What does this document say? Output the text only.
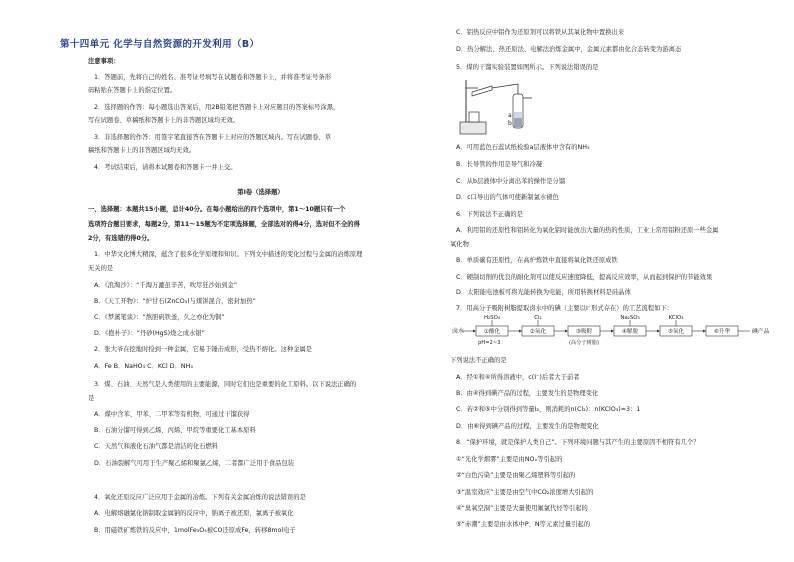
第十四单元 化学与自然资源的开发利用（B）
注意事项：
1．答题前，先将自己的姓名、准考证号填写在试题卷和答题卡上，并将准考证号条形
码粘贴在答题卡上的指定位置。
2．选择题的作答：每小题选出答案后，用2B铅笔把答题卡上对应题目的答案标号涂黑，
写在试题卷、草稿纸和答题卡上的非答题区域均无效。
3．非选择题的作答：用签字笔直接答在答题卡上对应的答题区域内。写在试题卷、草
稿纸和答题卡上的非答题区域均无效。
4．考试结束后，请将本试题卷和答题卡一并上交。
第Ⅰ卷（选择题）
一、选择题：本题共15小题，总计40分。在每小题给出的四个选项中，第1～10题只有一个
选项符合题目要求，每题2分，第11～15题为不定项选择题，全部选对的得4分，选对但不全的得
2分，有选错的得0分。
1．中华文化博大精深，蕴含了很多化学原理和知识。下列文中描述的变化过程与金属的冶炼原理
无关的是
A．《浪淘沙》：“千淘万漉虽辛苦，吹尽狂沙始到金”
B．《天工开物》：“炉甘石(ZnCO₃)与煤饼混合，密封加热”
C．《梦溪笔谈》：“熬胆矾铁釜，久之亦化为铜”
D．《抱朴子》：“丹砂(HgS)烧之成水银”
2．张大爷在挖地时捡到一种金属，它易于锤击成形，受热不熔化。这种金属是
A．Fe B．NaHO₃ C．KCl D．NH₃
3．煤、石油、天然气是人类使用的主要能源，同时它们也是重要的化工原料。以下说法正确的
是
A．煤中含苯、甲苯、二甲苯等有机物，可通过干馏获得
B．石油分馏可得到乙烯、丙烯、甲烷等重要化工基本原料
C．天然气和液化石油气都是清洁的化石燃料
D．石油裂解气可用于生产聚乙烯和聚氯乙烯，二者都广泛用于食品包装
4．氧化还原反应广泛应用于金属的冶炼。下列有关金属冶炼的说法错误的是
A．电解熔融氯化钠制取金属钠的反应中，钠离子被还原，氯离子被氧化
B．用磁铁矿炼铁的反应中，1molFe₃O₄被CO还原成Fe，转移8mol电子
a
b
卤水	①酸化	②氧化	③吸附	④解脱	⑤氧化	⑥升华
H₂SO₄	Cl₂	Na₂SO₃	KClO₃
碘产品
pH=2~3	(高分子树脂)
C．铝热反应中铝作为还原剂可以将铁从其氧化物中置换出来
D．热分解法、热还原法、电解法治炼金属中，金属元素都由化合态转变为游离态
5．煤的干馏实验装置如图所示。下列说法错误的是
A．可用蓝色石蕊试纸检验a层液体中含有的NH₃
B．长导管的作用是导气和冷凝
C．从b层液体中分离出苯的操作是分馏
D．c口导出的气体可使新制氯水褪色
6．下列说法不正确的是
A．利用铝的还原性和铝转化为氧化铝时能放出大量的热的性质，工业上常用铝粉还原一些金属
氧化物
B．单质碳有还原性，在高炉炼铁中直接将氧化铁还原成铁
C．硬制切削的优良的耐化剂可以使反应速度降低，提高反应效率，从而起到保护的节能效果
D．太阳能电池板可将光能转换为电能，所用转换材料是硅晶体
7．用高分子吸附树脂提取卤水中的碘（主要以I⁻形式存在）的工艺流程如下：
下列说法不正确的是
A．经①和④所得溶液中，c(I⁻)后者大于前者
B．由④得到碘产品的过程，主要发生的是物理变化
C．若②和⑤中分别得到等量I₂，则消耗的n(Cl₂)：n(KClO₃)=3：1
D．由⑥得到碘产品的过程，主要发生的是物理变化
8．“保护环境，就是保护人类自己”。下列环境问题与其产生的主要原因不相符有几个？
①“光化学烟雾”主要是由NOₓ等引起的
②“白色污染”主要是由聚乙烯塑料等引起的
③“温室效应”主要是由空气中CO₂浓度增大引起的
④“臭氧空洞”主要是大量使用氟氯代烃等引起的
⑤“赤潮”主要是由水体中P、N等元素过量引起的
